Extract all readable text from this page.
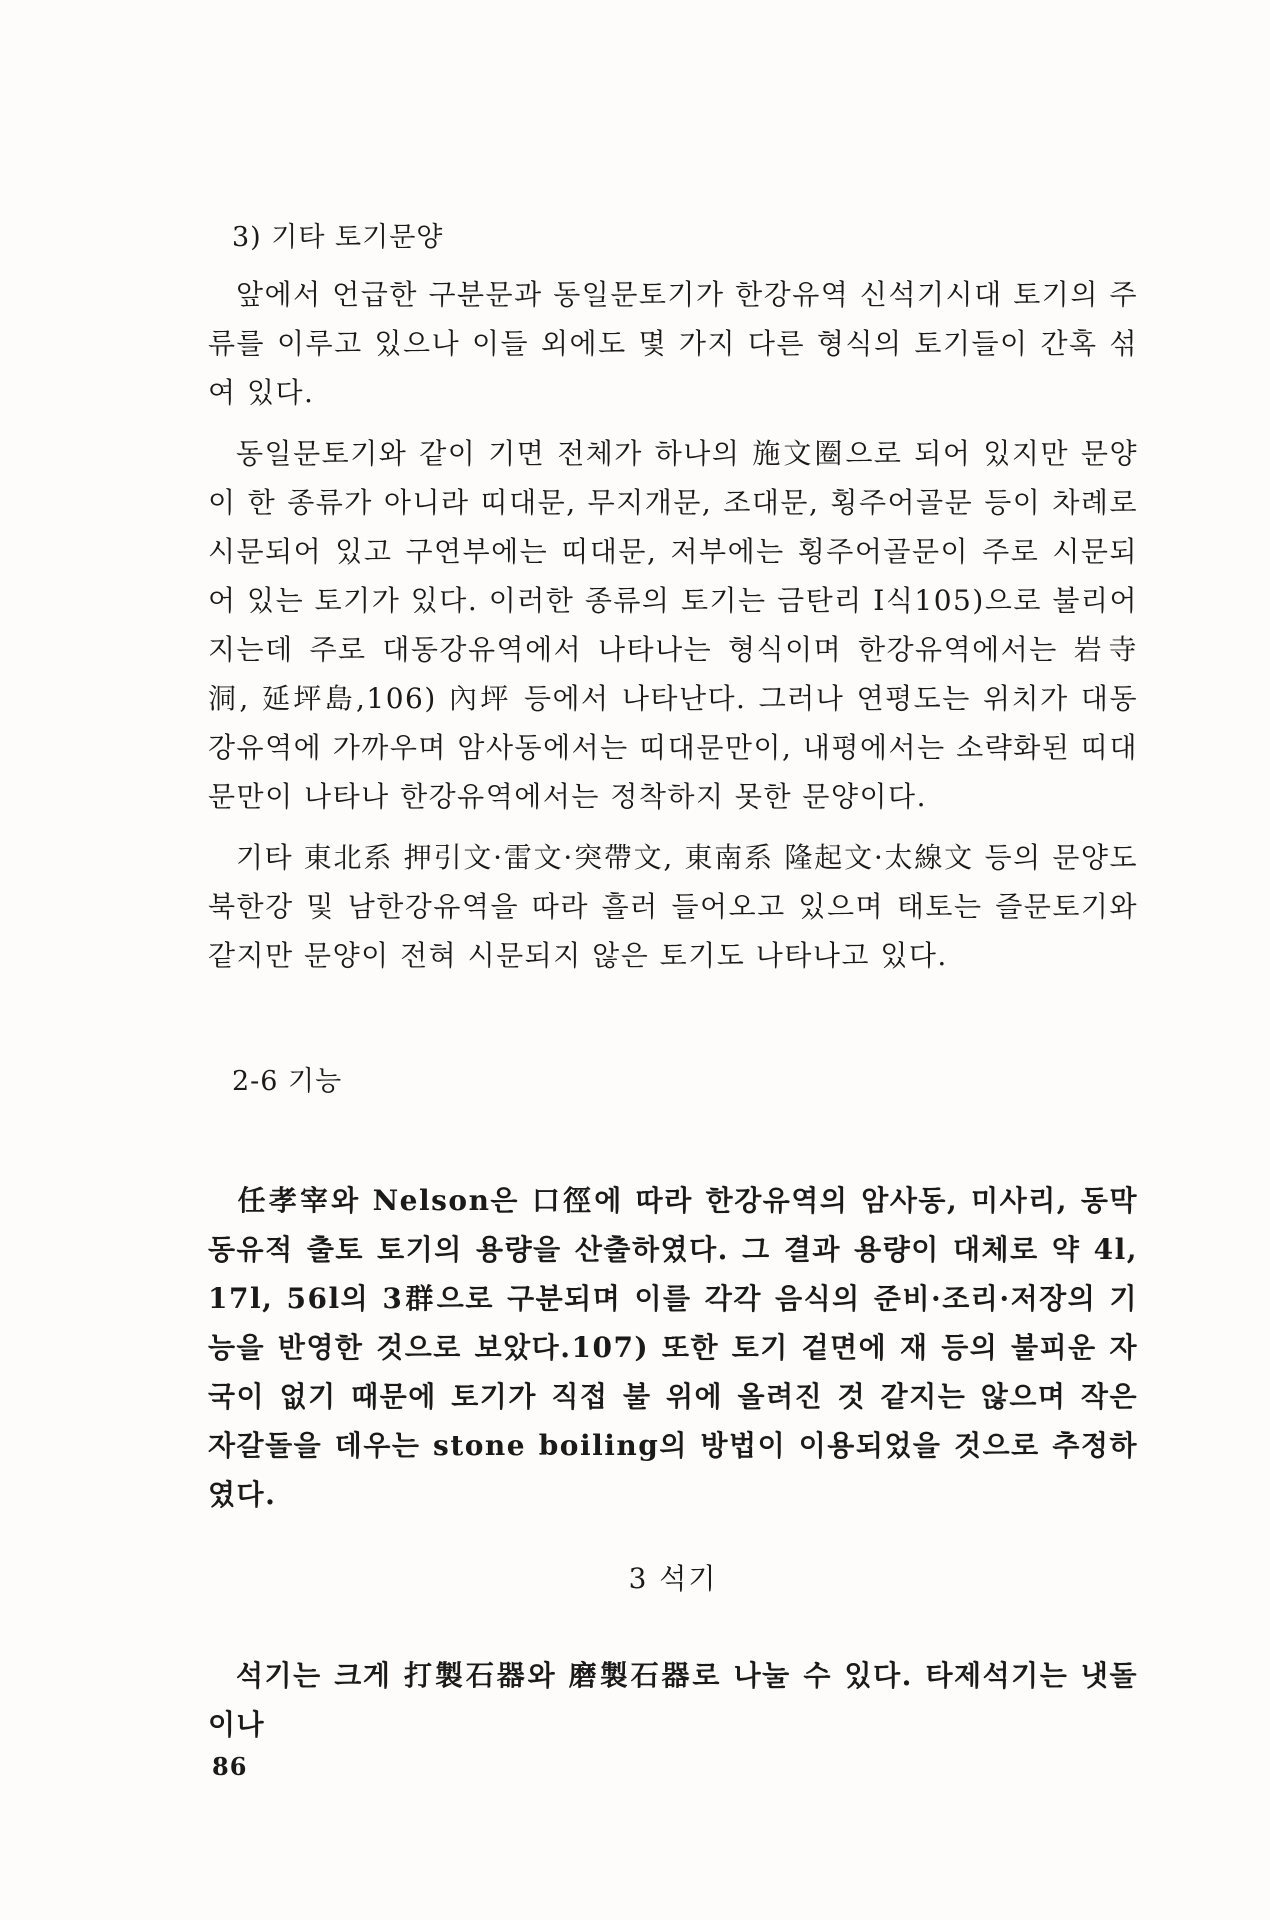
3) 기타 토기문양

앞에서 언급한 구분문과 동일문토기가 한강유역 신석기시대 토기의 주류를 이루고 있으나 이들 외에도 몇 가지 다른 형식의 토기들이 간혹 섞여 있다.

동일문토기와 같이 기면 전체가 하나의 施文圈으로 되어 있지만 문양이 한 종류가 아니라 띠대문, 무지개문, 조대문, 횡주어골문 등이 차례로 시문되어 있고 구연부에는 띠대문, 저부에는 횡주어골문이 주로 시문되어 있는 토기가 있다. 이러한 종류의 토기는 금탄리 Ⅰ식105)으로 불리어지는데 주로 대동강유역에서 나타나는 형식이며 한강유역에서는 岩寺洞, 延坪島,106) 內坪 등에서 나타난다. 그러나 연평도는 위치가 대동강유역에 가까우며 암사동에서는 띠대문만이, 내평에서는 소략화된 띠대문만이 나타나 한강유역에서는 정착하지 못한 문양이다.

기타 東北系 押引文·雷文·突帶文, 東南系 隆起文·太線文 등의 문양도 북한강 및 남한강유역을 따라 흘러 들어오고 있으며 태토는 즐문토기와 같지만 문양이 전혀 시문되지 않은 토기도 나타나고 있다.

2-6 기능

任孝宰와 Nelson은 口徑에 따라 한강유역의 암사동, 미사리, 동막동유적 출토 토기의 용량을 산출하였다. 그 결과 용량이 대체로 약 4l, 17l, 56l의 3群으로 구분되며 이를 각각 음식의 준비·조리·저장의 기능을 반영한 것으로 보았다.107) 또한 토기 겉면에 재 등의 불피운 자국이 없기 때문에 토기가 직접 불 위에 올려진 것 같지는 않으며 작은 자갈돌을 데우는 stone boiling의 방법이 이용되었을 것으로 추정하였다.

3 석기

석기는 크게 打製石器와 磨製石器로 나눌 수 있다. 타제석기는 냇돌이나

86
